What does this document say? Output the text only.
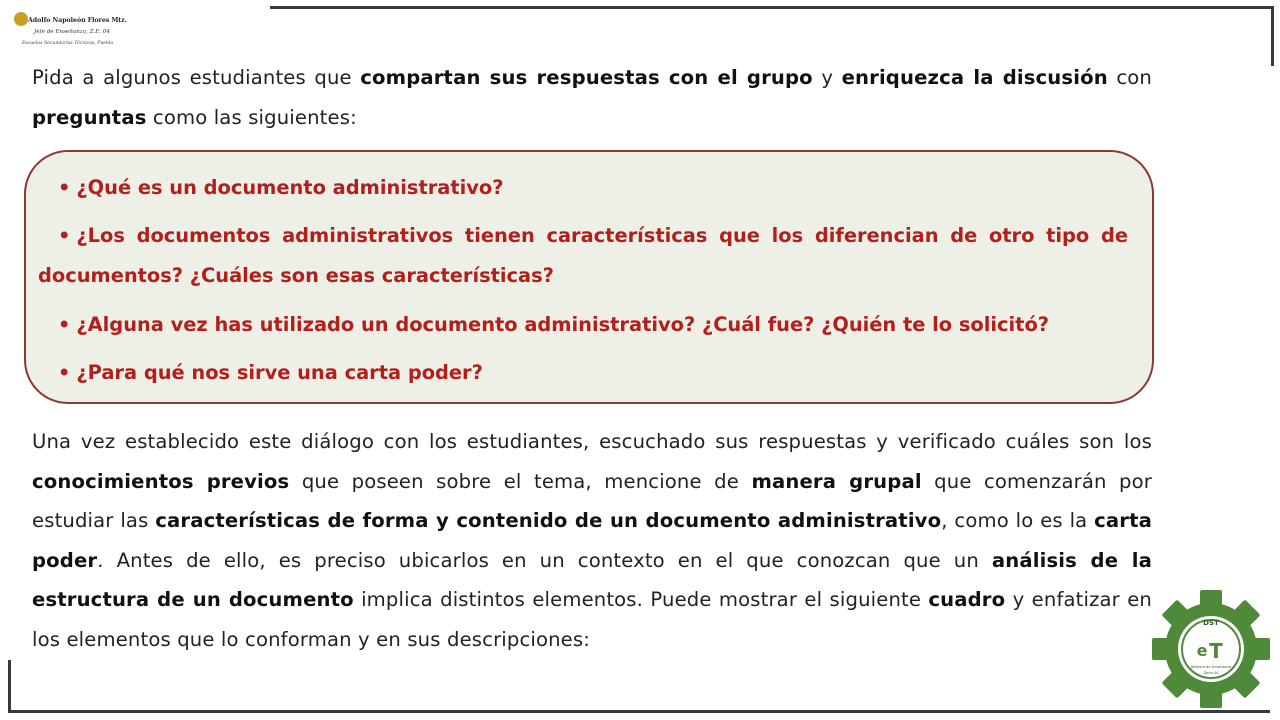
Adolfo Napoleón Flores Mtz.
Jefe de Enseñanza, Z.E. 04
Escuelas Secundarias Técnicas, Puebla
Pida a algunos estudiantes que compartan sus respuestas con el grupo y enriquezca la discusión con preguntas como las siguientes:
• ¿Qué es un documento administrativo?
• ¿Los documentos administrativos tienen características que los diferencian de otro tipo de documentos? ¿Cuáles son esas características?
• ¿Alguna vez has utilizado un documento administrativo? ¿Cuál fue? ¿Quién te lo solicitó?
• ¿Para qué nos sirve una carta poder?
Una vez establecido este diálogo con los estudiantes, escuchado sus respuestas y verificado cuáles son los conocimientos previos que poseen sobre el tema, mencione de manera grupal que comenzarán por estudiar las características de forma y contenido de un documento administrativo, como lo es la carta poder. Antes de ello, es preciso ubicarlos en un contexto en el que conozcan que un análisis de la estructura de un documento implica distintos elementos. Puede mostrar el siguiente cuadro y enfatizar en los elementos que lo conforman y en sus descripciones:
DST
e T
Jefatura de Enseñanza
Zona 04
